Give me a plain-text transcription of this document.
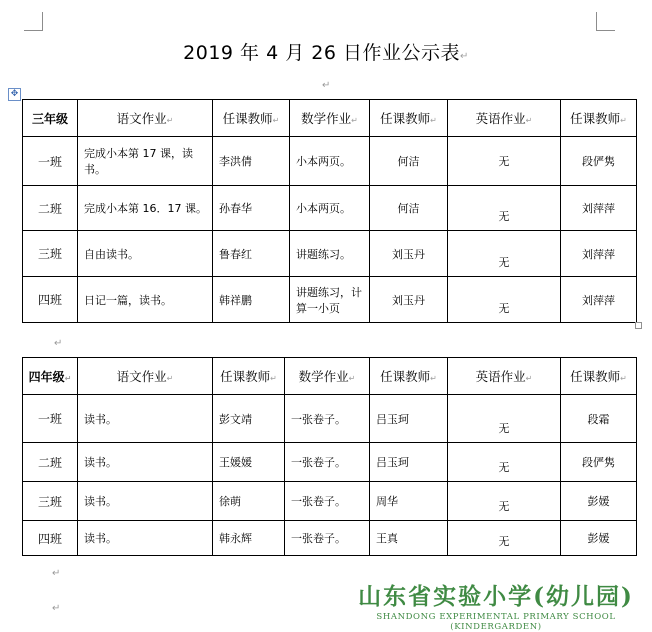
2019 年 4 月 26 日作业公示表↵
↵
✥
三年级	语文作业↵	任课教师↵	数学作业↵	任课教师↵	英语作业↵	任课教师↵
一班	完成小本第 17 课，读书。	李洪倩	小本两页。	何洁	无	段俨隽
二班	完成小本第 16．17 课。	孙春华	小本两页。	何洁	无	刘萍萍
三班	自由读书。	鲁春红	讲题练习。	刘玉丹	无	刘萍萍
四班	日记一篇，读书。	韩祥鹏	讲题练习，计算一小页	刘玉丹	无	刘萍萍
↵
四年级↵	语文作业↵	任课教师↵	数学作业↵	任课教师↵	英语作业↵	任课教师↵
一班	读书。	彭文靖	一张卷子。	吕玉珂	无	段霜
二班	读书。	王媛媛	一张卷子。	吕玉珂	无	段俨隽
三班	读书。	徐萌	一张卷子。	周华	无	彭媛
四班	读书。	韩永辉	一张卷子。	王真	无	彭媛
↵
↵	山东省实验小学(幼儿园)
SHANDONG EXPERIMENTAL PRIMARY SCHOOL (KINDERGARDEN)
